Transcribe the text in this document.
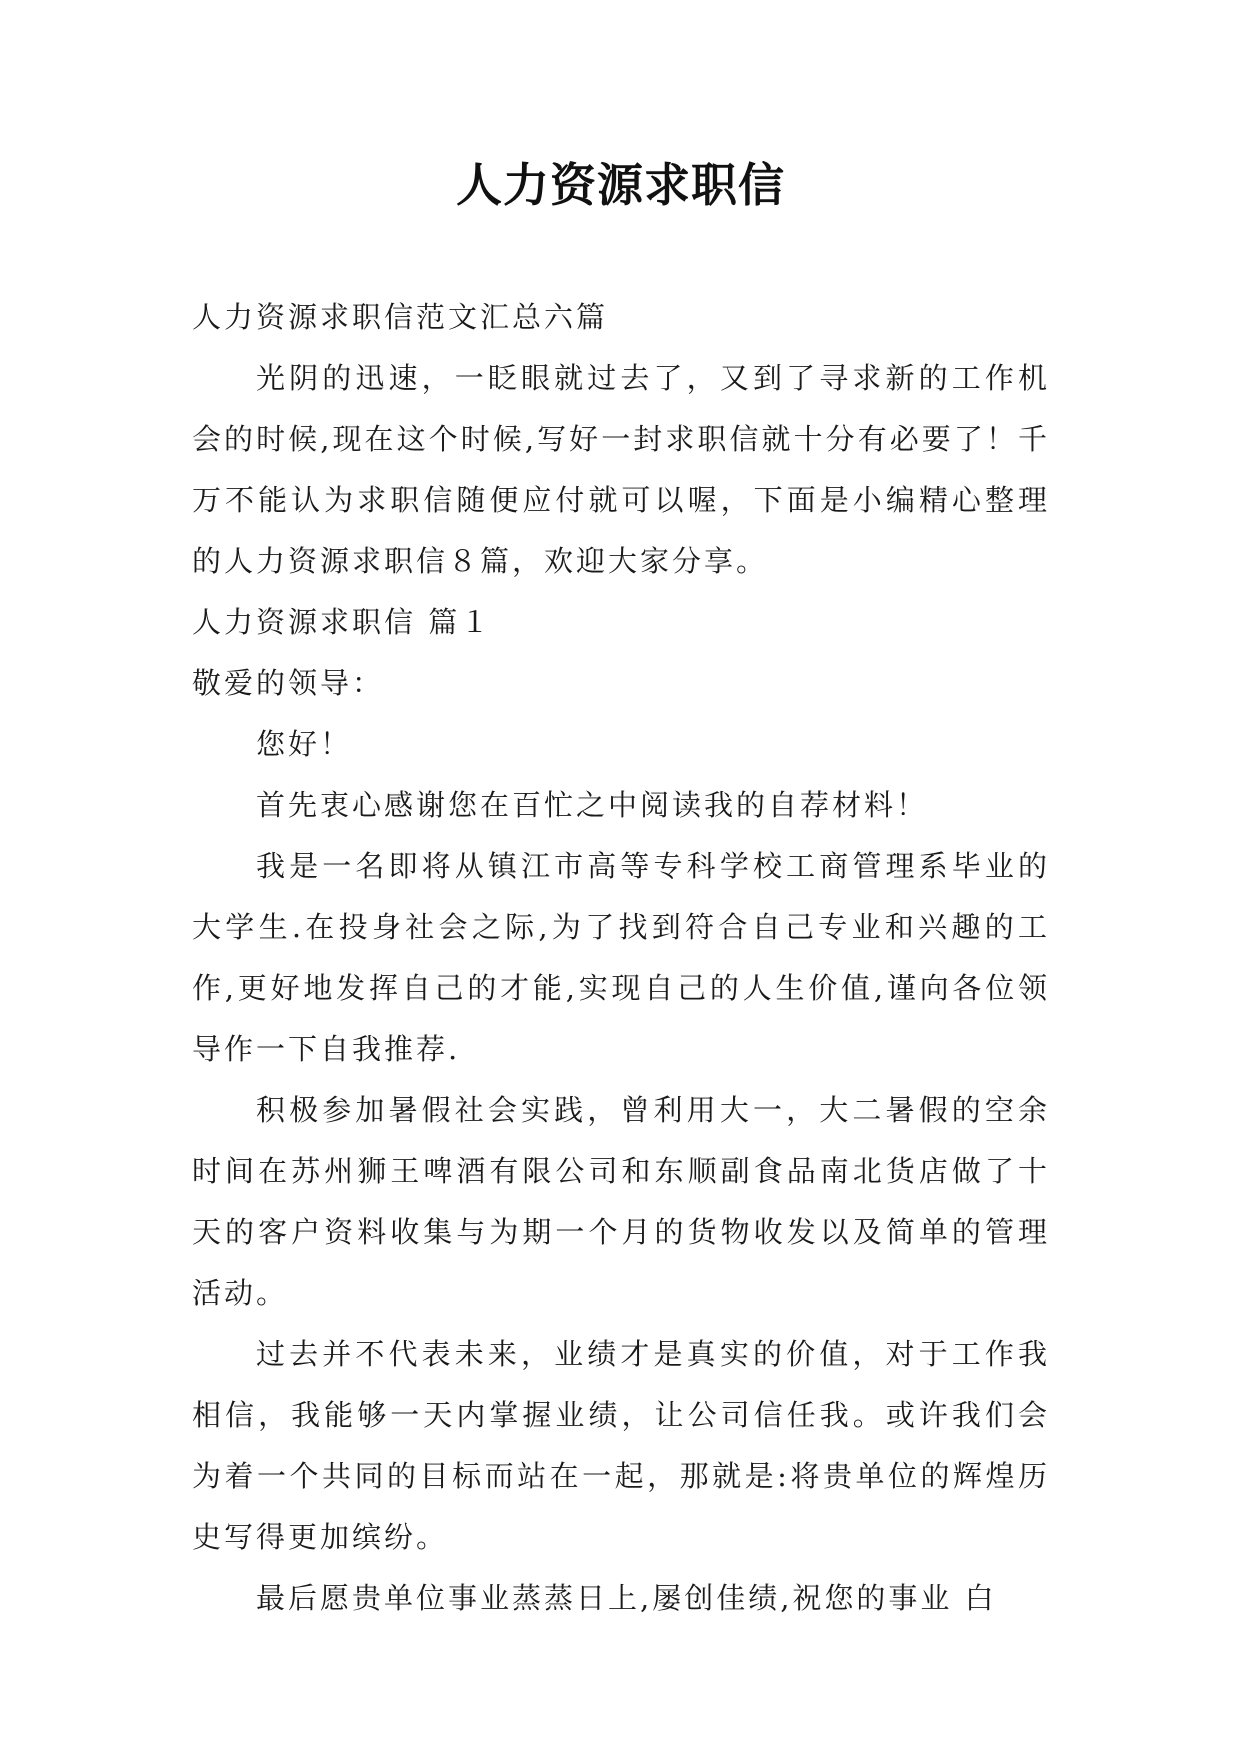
人力资源求职信
人力资源求职信范文汇总六篇

光阴的迅速，一眨眼就过去了，又到了寻求新的工作机会的时候,现在这个时候,写好一封求职信就十分有必要了！千万不能认为求职信随便应付就可以喔，下面是小编精心整理的人力资源求职信８篇，欢迎大家分享。

人力资源求职信 篇１
敬爱的领导：

您好！

首先衷心感谢您在百忙之中阅读我的自荐材料！

我是一名即将从镇江市高等专科学校工商管理系毕业的大学生.在投身社会之际,为了找到符合自己专业和兴趣的工作,更好地发挥自己的才能,实现自己的人生价值,谨向各位领导作一下自我推荐.

积极参加暑假社会实践，曾利用大一，大二暑假的空余时间在苏州狮王啤酒有限公司和东顺副食品南北货店做了十天的客户资料收集与为期一个月的货物收发以及简单的管理活动。

过去并不代表未来，业绩才是真实的价值，对于工作我相信，我能够一天内掌握业绩，让公司信任我。或许我们会为着一个共同的目标而站在一起，那就是:将贵单位的辉煌历史写得更加缤纷。

最后愿贵单位事业蒸蒸日上,屡创佳绩,祝您的事业 白
